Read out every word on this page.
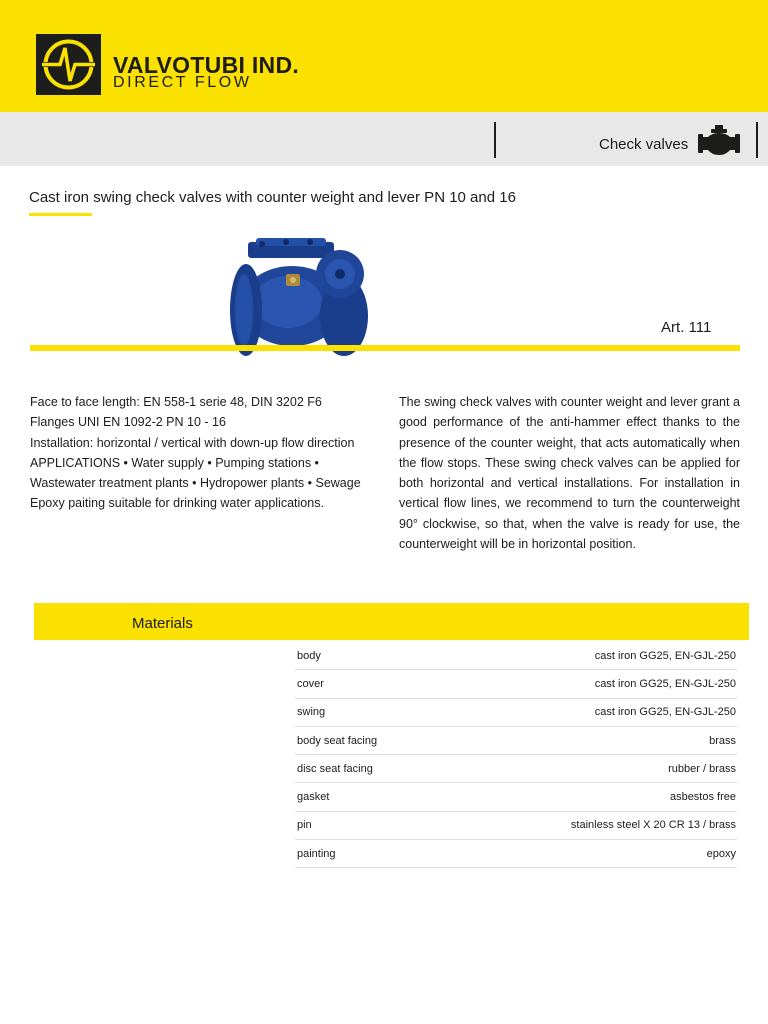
VALVOTUBI IND.
DIRECT FLOW
Check valves
Cast iron swing check valves with counter weight and lever PN 10 and 16
Art. 111
Face to face length: EN 558-1 serie 48, DIN 3202 F6
Flanges UNI EN 1092-2 PN 10 - 16
Installation: horizontal / vertical with down-up flow direction
APPLICATIONS • Water supply • Pumping stations • Wastewater treatment plants • Hydropower plants • Sewage
Epoxy paiting suitable for drinking water applications.
The swing check valves with counter weight and lever grant a good performance of the anti-hammer effect thanks to the presence of the counter weight, that acts automatically when the flow stops. These swing check valves can be applied for both horizontal and vertical installations. For installation in vertical flow lines, we recommend to turn the counterweight 90° clockwise, so that, when the valve is ready for use, the counterweight will be in horizontal position.
Materials
body	cast iron GG25, EN-GJL-250
cover	cast iron GG25, EN-GJL-250
swing	cast iron GG25, EN-GJL-250
body seat facing	brass
disc seat facing	rubber / brass
gasket	asbestos free
pin	stainless steel X 20 CR 13 / brass
painting	epoxy
